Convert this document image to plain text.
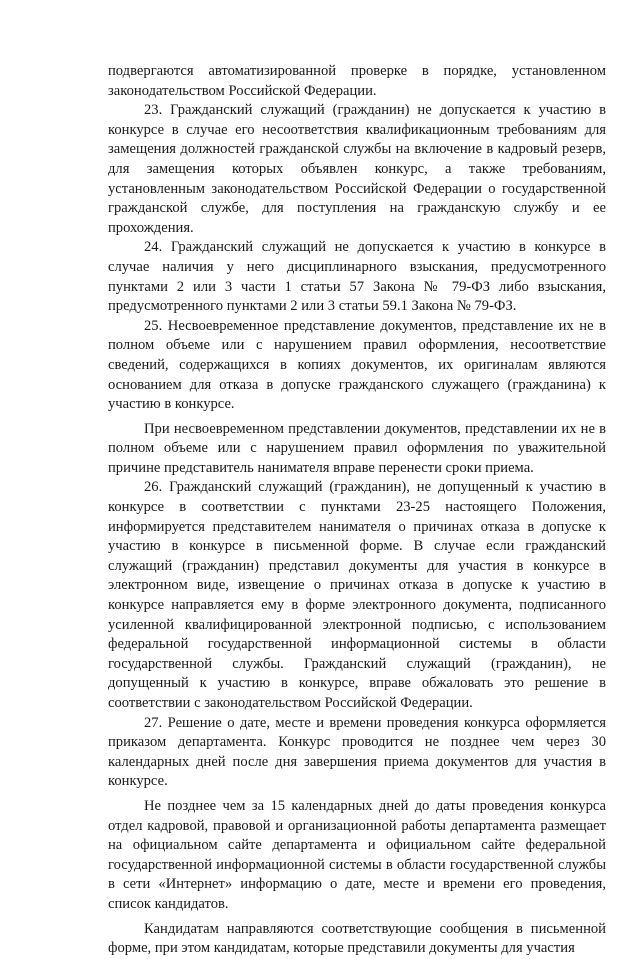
подвергаются автоматизированной проверке в порядке, установленном законодательством Российской Федерации.

23. Гражданский служащий (гражданин) не допускается к участию в конкурсе в случае его несоответствия квалификационным требованиям для замещения должностей гражданской службы на включение в кадровый резерв, для замещения которых объявлен конкурс, а также требованиям, установленным законодательством Российской Федерации о государственной гражданской службе, для поступления на гражданскую службу и ее прохождения.

24. Гражданский служащий не допускается к участию в конкурсе в случае наличия у него дисциплинарного взыскания, предусмотренного пунктами 2 или 3 части 1 статьи 57 Закона № 79-ФЗ либо взыскания, предусмотренного пунктами 2 или 3 статьи 59.1 Закона № 79-ФЗ.

25. Несвоевременное представление документов, представление их не в полном объеме или с нарушением правил оформления, несоответствие сведений, содержащихся в копиях документов, их оригиналам являются основанием для отказа в допуске гражданского служащего (гражданина) к участию в конкурсе.

При несвоевременном представлении документов, представлении их не в полном объеме или с нарушением правил оформления по уважительной причине представитель нанимателя вправе перенести сроки приема.

26. Гражданский служащий (гражданин), не допущенный к участию в конкурсе в соответствии с пунктами 23-25 настоящего Положения, информируется представителем нанимателя о причинах отказа в допуске к участию в конкурсе в письменной форме. В случае если гражданский служащий (гражданин) представил документы для участия в конкурсе в электронном виде, извещение о причинах отказа в допуске к участию в конкурсе направляется ему в форме электронного документа, подписанного усиленной квалифицированной электронной подписью, с использованием федеральной государственной информационной системы в области государственной службы. Гражданский служащий (гражданин), не допущенный к участию в конкурсе, вправе обжаловать это решение в соответствии с законодательством Российской Федерации.

27. Решение о дате, месте и времени проведения конкурса оформляется приказом департамента. Конкурс проводится не позднее чем через 30 календарных дней после дня завершения приема документов для участия в конкурсе.

Не позднее чем за 15 календарных дней до даты проведения конкурса отдел кадровой, правовой и организационной работы департамента размещает на официальном сайте департамента и официальном сайте федеральной государственной информационной системы в области государственной службы в сети «Интернет» информацию о дате, месте и времени его проведения, список кандидатов.

Кандидатам направляются соответствующие сообщения в письменной форме, при этом кандидатам, которые представили документы для участия
